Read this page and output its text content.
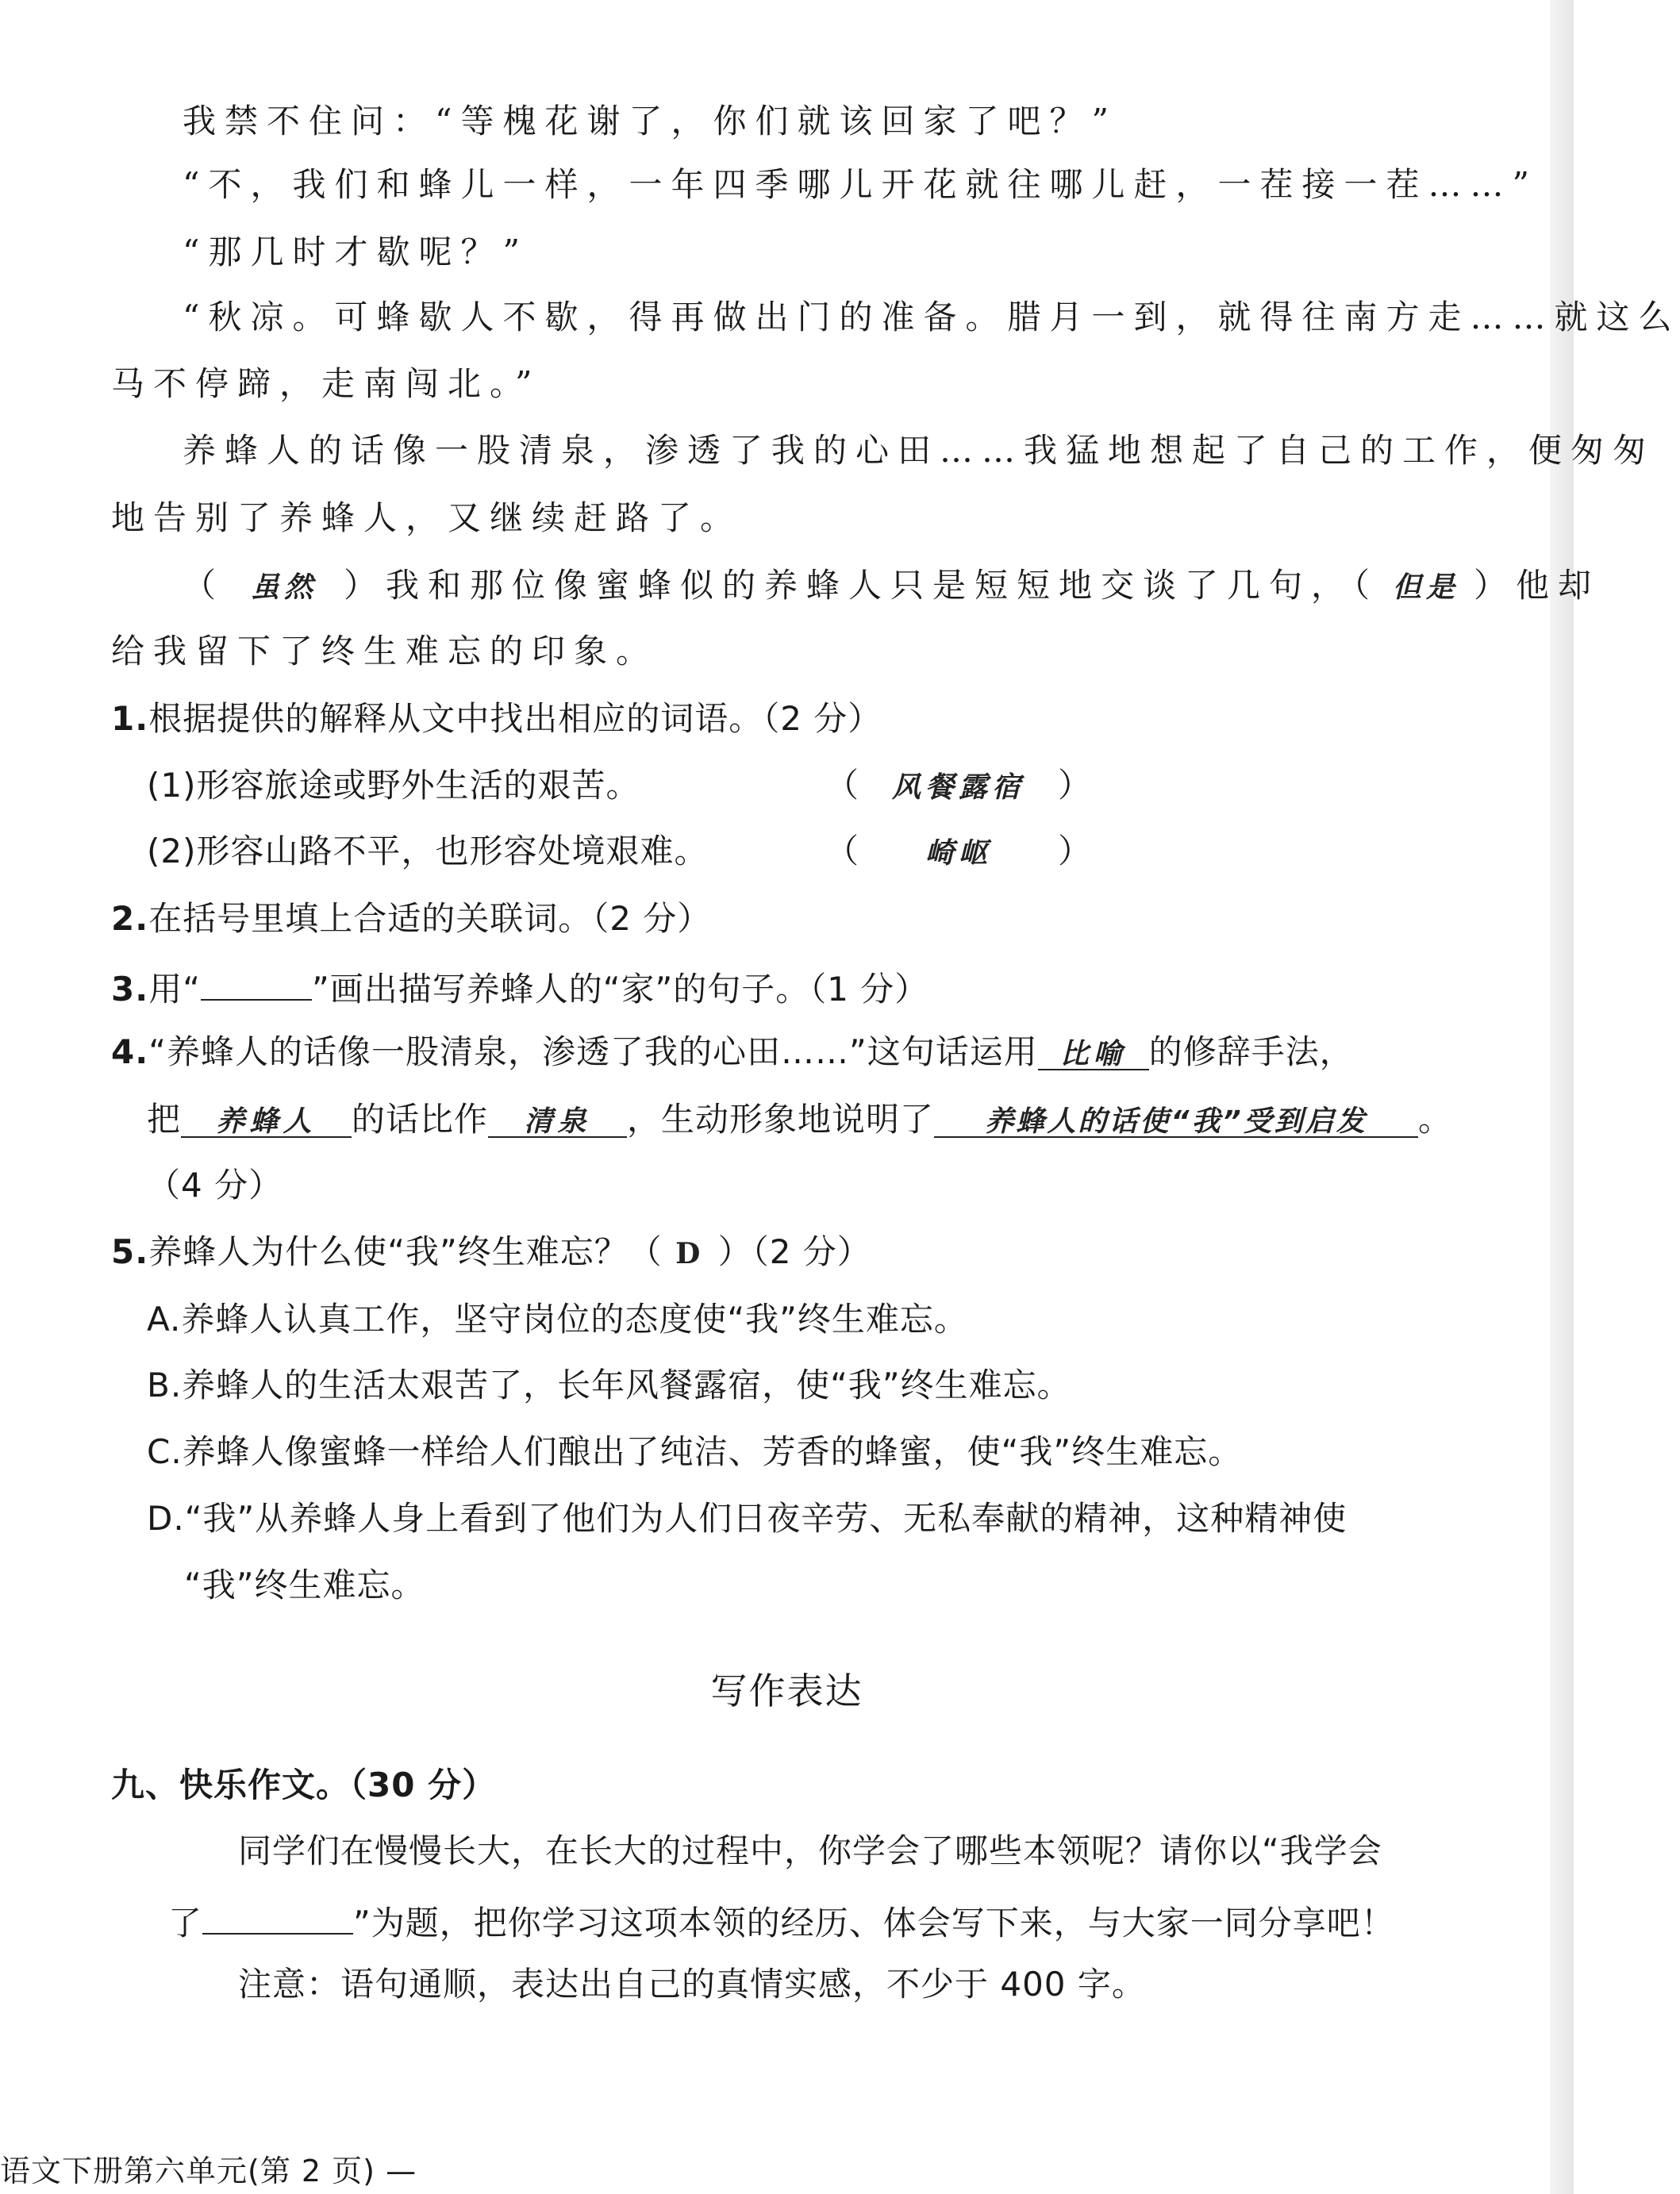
我禁不住问：“等槐花谢了，你们就该回家了吧？”
“不，我们和蜂儿一样，一年四季哪儿开花就往哪儿赶，一茬接一茬……”
“那几时才歇呢？”
“秋凉。可蜂歇人不歇，得再做出门的准备。腊月一到，就得往南方走……就这么
马不停蹄，走南闯北。”
养蜂人的话像一股清泉，渗透了我的心田……我猛地想起了自己的工作，便匆匆
地告别了养蜂人，又继续赶路了。
（ 虽然 ）我和那位像蜜蜂似的养蜂人只是短短地交谈了几句，（ 但是 ）他却
给我留下了终生难忘的印象。
1.根据提供的解释从文中找出相应的词语。（2 分）
(1)形容旅途或野外生活的艰苦。	（ 风餐露宿 ）
(2)形容山路不平，也形容处境艰难。	（ 崎岖 ）
2.在括号里填上合适的关联词。（2 分）
3.用“	”画出描写养蜂人的“家”的句子。（1 分）
4.“养蜂人的话像一股清泉，渗透了我的心田……”这句话运用 比喻 的修辞手法，
把 养蜂人 的话比作 清泉 ，生动形象地说明了 养蜂人的话使“我”受到启发 。
（4 分）
5.养蜂人为什么使“我”终生难忘？（ D ）（2 分）
A.养蜂人认真工作，坚守岗位的态度使“我”终生难忘。
B.养蜂人的生活太艰苦了，长年风餐露宿，使“我”终生难忘。
C.养蜂人像蜜蜂一样给人们酿出了纯洁、芳香的蜂蜜，使“我”终生难忘。
D.“我”从养蜂人身上看到了他们为人们日夜辛劳、无私奉献的精神，这种精神使
“我”终生难忘。
写作表达
九、快乐作文。（30 分）
同学们在慢慢长大，在长大的过程中，你学会了哪些本领呢？请你以“我学会
了	”为题，把你学习这项本领的经历、体会写下来，与大家一同分享吧！
注意：语句通顺，表达出自己的真情实感，不少于 400 字。
语文下册第六单元(第 2 页) —
